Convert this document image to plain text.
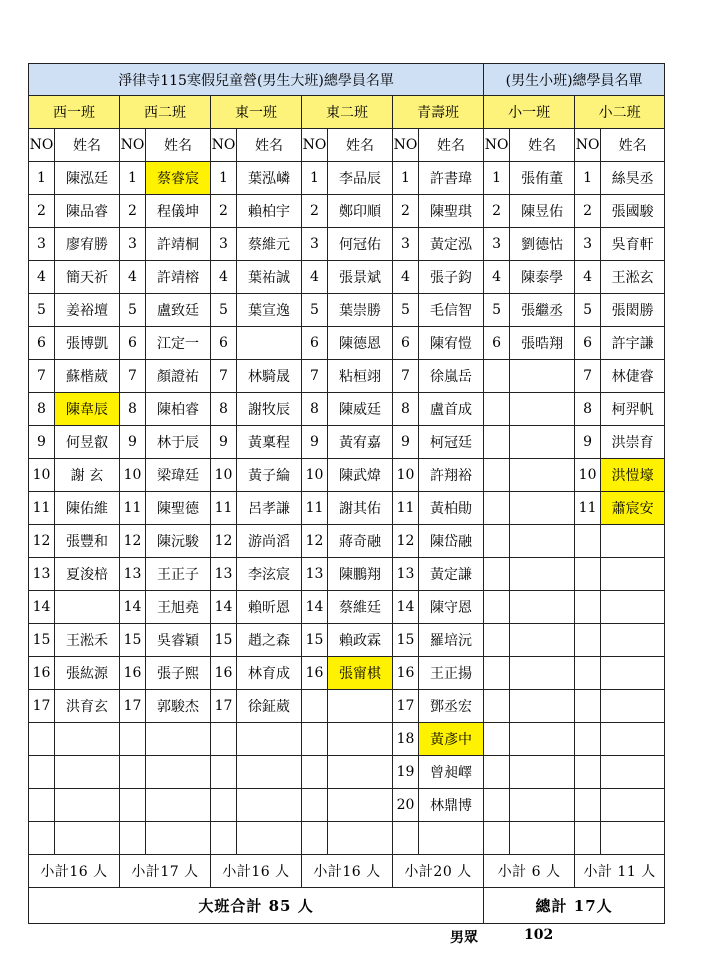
淨律寺115寒假兒童營(男生大班)總學員名單										(男生小班)總學員名單			
西一班		西二班		東一班		東二班		青壽班		小一班		小二班	
NO	姓名	NO	姓名	NO	姓名	NO	姓名	NO	姓名	NO	姓名	NO	姓名
1	陳泓廷	1	蔡睿宸	1	葉泓嶙	1	李品辰	1	許書瑋	1	張侑董	1	絲昊丞
2	陳品睿	2	程儀坤	2	賴柏宇	2	鄭印順	2	陳聖琪	2	陳昱佑	2	張國駿
3	廖宥勝	3	許靖桐	3	蔡維元	3	何冠佑	3	黃定泓	3	劉德怙	3	吳育軒
4	簡天祈	4	許靖榕	4	葉祐誠	4	張景斌	4	張子鈞	4	陳泰學	4	王淞玄
5	姜裕壇	5	盧致廷	5	葉宣逸	5	葉崇勝	5	毛信智	5	張繼丞	5	張閎勝
6	張博凱	6	江定一	6		6	陳德恩	6	陳宥愷	6	張晧翔	6	許宇謙
7	蘇楷葳	7	顏證祐	7	林騎晟	7	粘桓翊	7	徐嵐岳			7	林倢睿
8	陳韋辰	8	陳柏睿	8	謝牧辰	8	陳威廷	8	盧首成			8	柯羿帆
9	何昱叡	9	林于辰	9	黃稟程	9	黃宥嘉	9	柯冠廷			9	洪崇育
10	謝 玄	10	梁瑋廷	10	黃子綸	10	陳武煒	10	許翔裕			10	洪愷壕
11	陳佑維	11	陳聖德	11	呂孝謙	11	謝其佑	11	黃柏勛			11	蕭宸安
12	張豐和	12	陳沅駿	12	游尚滔	12	蔣奇融	12	陳岱融				
13	夏浚棓	13	王正子	13	李泫宸	13	陳鵬翔	13	黃定謙				
14		14	王旭堯	14	賴昕恩	14	蔡維廷	14	陳守恩				
15	王淞禾	15	吳睿穎	15	趙之森	15	賴政霖	15	羅培沅				
16	張紘源	16	張子熙	16	林育成	16	張甯棋	16	王正揚				
17	洪育玄	17	郭駿杰	17	徐鉦葳			17	鄧丞宏				
								18	黃彥中				
								19	曾昶嶧				
								20	林鼎博				

小計16 人		小計17 人		小計16 人		小計16 人		小計20 人		小計 6 人		小計 11 人	
大班合計 85 人										總計 17人			
男眾	102
